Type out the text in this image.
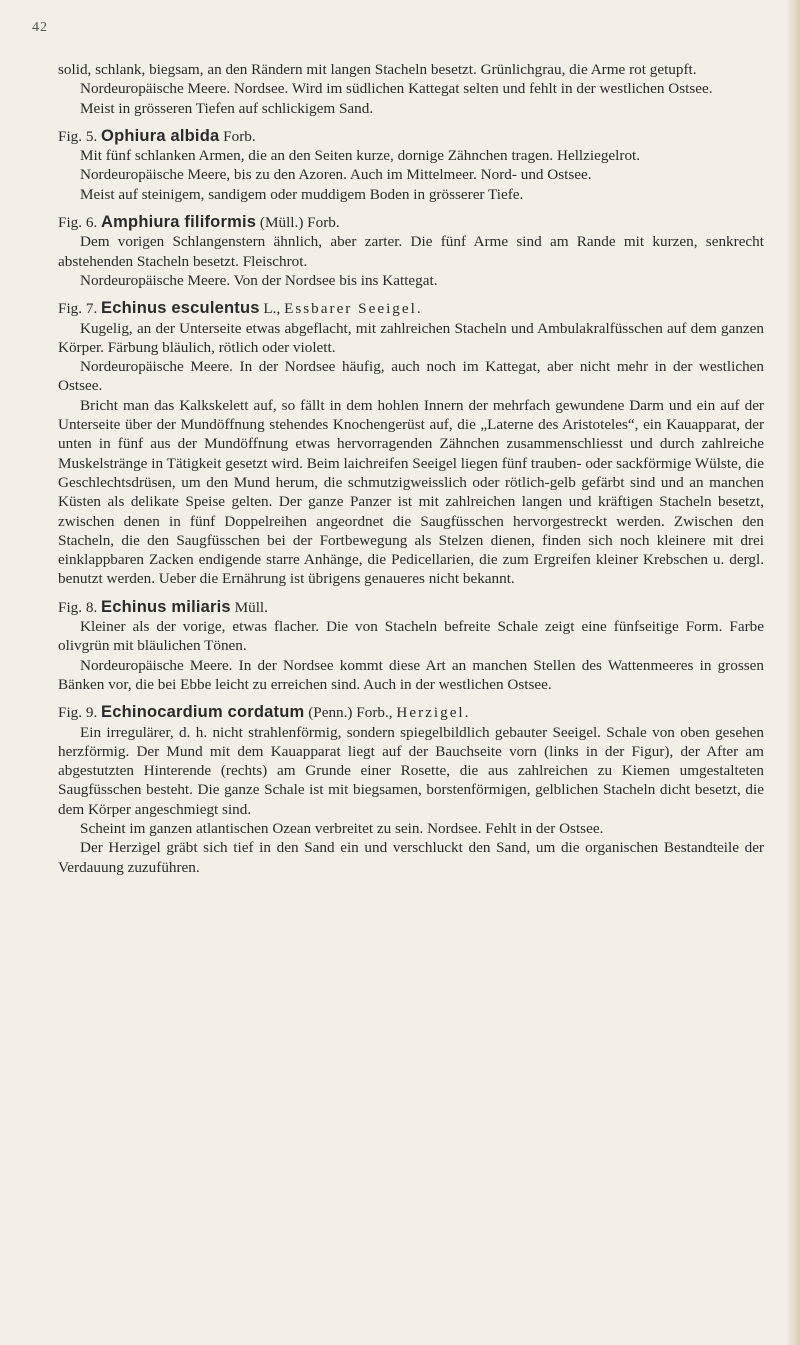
42

solid, schlank, biegsam, an den Rändern mit langen Stacheln besetzt. Grünlichgrau, die Arme rot getupft.

Nordeuropäische Meere. Nordsee. Wird im südlichen Kattegat selten und fehlt in der westlichen Ostsee.

Meist in grösseren Tiefen auf schlickigem Sand.

Fig. 5. Ophiura albida Forb.

Mit fünf schlanken Armen, die an den Seiten kurze, dornige Zähnchen tragen. Hellziegelrot.

Nordeuropäische Meere, bis zu den Azoren. Auch im Mittelmeer. Nord- und Ostsee.

Meist auf steinigem, sandigem oder muddigem Boden in grösserer Tiefe.

Fig. 6. Amphiura filiformis (Müll.) Forb.

Dem vorigen Schlangenstern ähnlich, aber zarter. Die fünf Arme sind am Rande mit kurzen, senkrecht abstehenden Stacheln besetzt. Fleischrot.

Nordeuropäische Meere. Von der Nordsee bis ins Kattegat.

Fig. 7. Echinus esculentus L., Essbarer Seeigel.

Kugelig, an der Unterseite etwas abgeflacht, mit zahlreichen Stacheln und Ambulakralfüsschen auf dem ganzen Körper. Färbung bläulich, rötlich oder violett.

Nordeuropäische Meere. In der Nordsee häufig, auch noch im Kattegat, aber nicht mehr in der westlichen Ostsee.

Bricht man das Kalkskelett auf, so fällt in dem hohlen Innern der mehrfach gewundene Darm und ein auf der Unterseite über der Mundöffnung stehendes Knochengerüst auf, die „Laterne des Aristoteles“, ein Kauapparat, der unten in fünf aus der Mundöffnung etwas hervorragenden Zähnchen zusammenschliesst und durch zahlreiche Muskelstränge in Tätigkeit gesetzt wird. Beim laichreifen Seeigel liegen fünf trauben- oder sackförmige Wülste, die Geschlechtsdrüsen, um den Mund herum, die schmutzigweisslich oder rötlich-gelb gefärbt sind und an manchen Küsten als delikate Speise gelten. Der ganze Panzer ist mit zahlreichen langen und kräftigen Stacheln besetzt, zwischen denen in fünf Doppelreihen angeordnet die Saugfüsschen hervorgestreckt werden. Zwischen den Stacheln, die den Saugfüsschen bei der Fortbewegung als Stelzen dienen, finden sich noch kleinere mit drei einklappbaren Zacken endigende starre Anhänge, die Pedicellarien, die zum Ergreifen kleiner Krebschen u. dergl. benutzt werden. Ueber die Ernährung ist übrigens genaueres nicht bekannt.

Fig. 8. Echinus miliaris Müll.

Kleiner als der vorige, etwas flacher. Die von Stacheln befreite Schale zeigt eine fünfseitige Form. Farbe olivgrün mit bläulichen Tönen.

Nordeuropäische Meere. In der Nordsee kommt diese Art an manchen Stellen des Wattenmeeres in grossen Bänken vor, die bei Ebbe leicht zu erreichen sind. Auch in der westlichen Ostsee.

Fig. 9. Echinocardium cordatum (Penn.) Forb., Herzigel.

Ein irregulärer, d. h. nicht strahlenförmig, sondern spiegelbildlich gebauter Seeigel. Schale von oben gesehen herzförmig. Der Mund mit dem Kauapparat liegt auf der Bauchseite vorn (links in der Figur), der After am abgestutzten Hinterende (rechts) am Grunde einer Rosette, die aus zahlreichen zu Kiemen umgestalteten Saugfüsschen besteht. Die ganze Schale ist mit biegsamen, borstenförmigen, gelblichen Stacheln dicht besetzt, die dem Körper angeschmiegt sind.

Scheint im ganzen atlantischen Ozean verbreitet zu sein. Nordsee. Fehlt in der Ostsee.

Der Herzigel gräbt sich tief in den Sand ein und verschluckt den Sand, um die organischen Bestandteile der Verdauung zuzuführen.
